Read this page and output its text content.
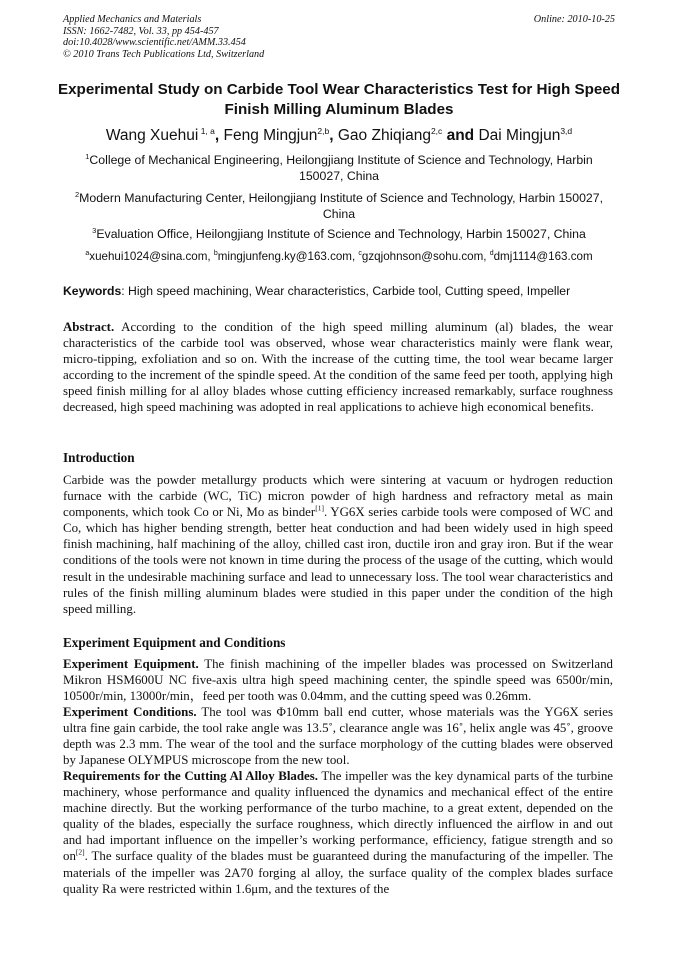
Applied Mechanics and Materials
ISSN: 1662-7482, Vol. 33, pp 454-457
doi:10.4028/www.scientific.net/AMM.33.454
© 2010 Trans Tech Publications Ltd, Switzerland
Online: 2010-10-25
Experimental Study on Carbide Tool Wear Characteristics Test for High Speed Finish Milling Aluminum Blades
Wang Xuehui $^{1, a}$, Feng Mingjun$^{2,b}$, Gao Zhiqiang$^{2,c}$ and Dai Mingjun$^{3,d}$
$^1$College of Mechanical Engineering, Heilongjiang Institute of Science and Technology, Harbin 150027, China
$^2$Modern Manufacturing Center, Heilongjiang Institute of Science and Technology, Harbin 150027, China
$^3$Evaluation Office, Heilongjiang Institute of Science and Technology, Harbin 150027, China
$^a$xuehui1024@sina.com, $^b$mingjunfeng.ky@163.com, $^c$gzqjohnson@sohu.com, $^d$dmj1114@163.com
Keywords: High speed machining, Wear characteristics, Carbide tool, Cutting speed, Impeller
Abstract. According to the condition of the high speed milling aluminum (al) blades, the wear characteristics of the carbide tool was observed, whose wear characteristics mainly were flank wear, micro-tipping, exfoliation and so on. With the increase of the cutting time, the tool wear became larger according to the increment of the spindle speed. At the condition of the same feed per tooth, applying high speed finish milling for al alloy blades whose cutting efficiency increased remarkably, surface roughness decreased, high speed machining was adopted in real applications to achieve high economical benefits.
Introduction
Carbide was the powder metallurgy products which were sintering at vacuum or hydrogen reduction furnace with the carbide (WC, TiC) micron powder of high hardness and refractory metal as main components, which took Co or Ni, Mo as binder[1]. YG6X series carbide tools were composed of WC and Co, which has higher bending strength, better heat conduction and had been widely used in high speed finish machining, half machining of the alloy, chilled cast iron, ductile iron and gray iron. But if the wear conditions of the tools were not known in time during the process of the usage of the cutting, which would result in the undesirable machining surface and lead to unnecessary loss. The tool wear characteristics and rules of the finish milling aluminum blades were studied in this paper under the condition of the high speed milling.
Experiment Equipment and Conditions
Experiment Equipment. The finish machining of the impeller blades was processed on Switzerland Mikron HSM600U NC five-axis ultra high speed machining center, the spindle speed was 6500r/min, 10500r/min, 13000r/min，feed per tooth was 0.04mm, and the cutting speed was 0.26mm.
Experiment Conditions. The tool was Φ10mm ball end cutter, whose materials was the YG6X series ultra fine gain carbide, the tool rake angle was 13.5˚, clearance angle was 16˚, helix angle was 45˚, groove depth was 2.3 mm. The wear of the tool and the surface morphology of the cutting blades were observed by Japanese OLYMPUS microscope from the new tool.
Requirements for the Cutting Al Alloy Blades. The impeller was the key dynamical parts of the turbine machinery, whose performance and quality influenced the dynamics and mechanical effect of the entire machine directly. But the working performance of the turbo machine, to a great extent, depended on the quality of the blades, especially the surface roughness, which directly influenced the airflow in and out and had important influence on the impeller’s working performance, efficiency, fatigue strength and so on[2]. The surface quality of the blades must be guaranteed during the manufacturing of the impeller. The materials of the impeller was 2A70 forging al alloy, the surface quality of the complex blades surface quality Ra were restricted within 1.6μm, and the textures of the
